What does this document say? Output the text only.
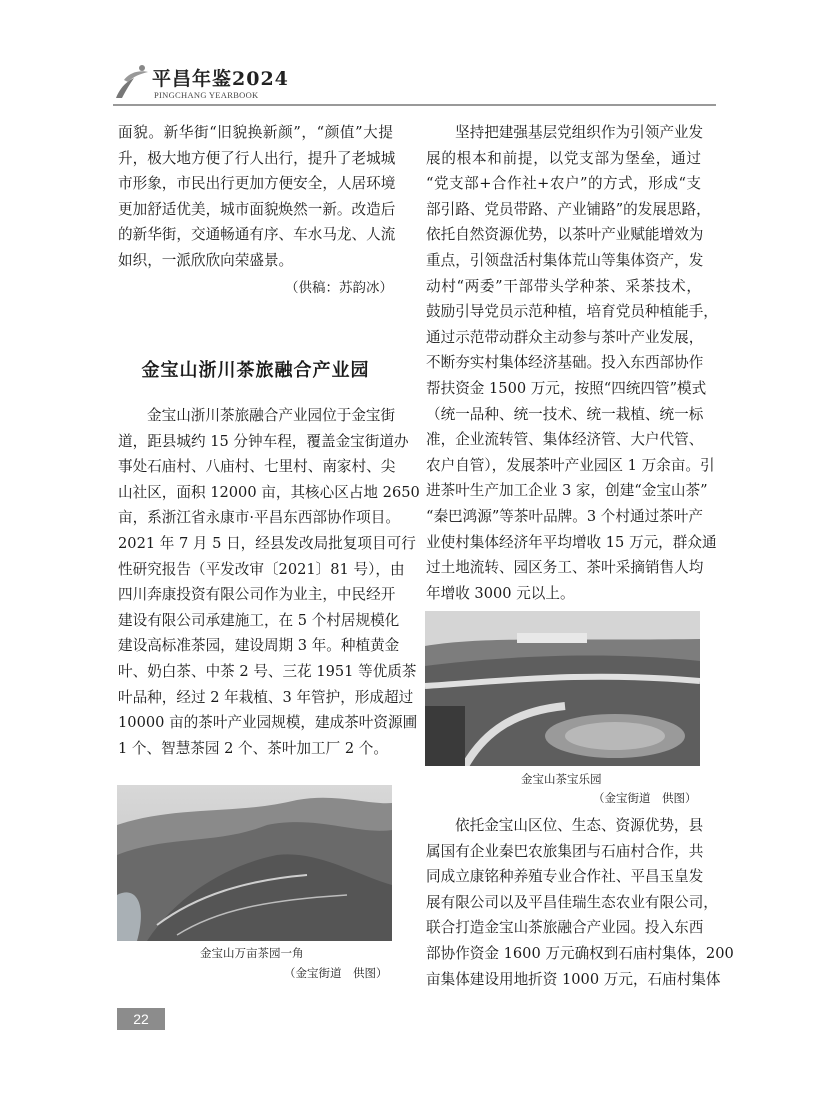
平昌年鉴2024
PINGCHANG YEARBOOK
面貌。新华街“旧貌换新颜”，“颜值”大提
升，极大地方便了行人出行，提升了老城城
市形象，市民出行更加方便安全，人居环境
更加舒适优美，城市面貌焕然一新。改造后
的新华街，交通畅通有序、车水马龙、人流
如织，一派欣欣向荣盛景。
（供稿：苏韵冰）
金宝山浙川茶旅融合产业园
金宝山浙川茶旅融合产业园位于金宝街
道，距县城约 15 分钟车程，覆盖金宝街道办
事处石庙村、八庙村、七里村、南家村、尖
山社区，面积 12000 亩，其核心区占地 2650
亩，系浙江省永康市·平昌东西部协作项目。
2021 年 7 月 5 日，经县发改局批复项目可行
性研究报告（平发改审〔2021〕81 号），由
四川奔康投资有限公司作为业主，中民经开
建设有限公司承建施工，在 5 个村居规模化
建设高标准茶园，建设周期 3 年。种植黄金
叶、奶白茶、中茶 2 号、三花 1951 等优质茶
叶品种，经过 2 年栽植、3 年管护，形成超过
10000 亩的茶叶产业园规模，建成茶叶资源圃
1 个、智慧茶园 2 个、茶叶加工厂 2 个。
金宝山万亩茶园一角
（金宝街道　供图）
坚持把建强基层党组织作为引领产业发
展的根本和前提，以党支部为堡垒，通过
“党支部+合作社+农户”的方式，形成“支
部引路、党员带路、产业铺路”的发展思路，
依托自然资源优势，以茶叶产业赋能增效为
重点，引领盘活村集体荒山等集体资产，发
动村“两委”干部带头学种茶、采茶技术，
鼓励引导党员示范种植，培育党员种植能手，
通过示范带动群众主动参与茶叶产业发展，
不断夯实村集体经济基础。投入东西部协作
帮扶资金 1500 万元，按照“四统四管”模式
（统一品种、统一技术、统一栽植、统一标
准，企业流转管、集体经济管、大户代管、
农户自管），发展茶叶产业园区 1 万余亩。引
进茶叶生产加工企业 3 家，创建“金宝山茶”
“秦巴鸿源”等茶叶品牌。3 个村通过茶叶产
业使村集体经济年平均增收 15 万元，群众通
过土地流转、园区务工、茶叶采摘销售人均
年增收 3000 元以上。
金宝山茶宝乐园
（金宝街道　供图）
依托金宝山区位、生态、资源优势，县
属国有企业秦巴农旅集团与石庙村合作，共
同成立康铭种养殖专业合作社、平昌玉皇发
展有限公司以及平昌佳瑞生态农业有限公司，
联合打造金宝山茶旅融合产业园。投入东西
部协作资金 1600 万元确权到石庙村集体，200
亩集体建设用地折资 1000 万元，石庙村集体
22
